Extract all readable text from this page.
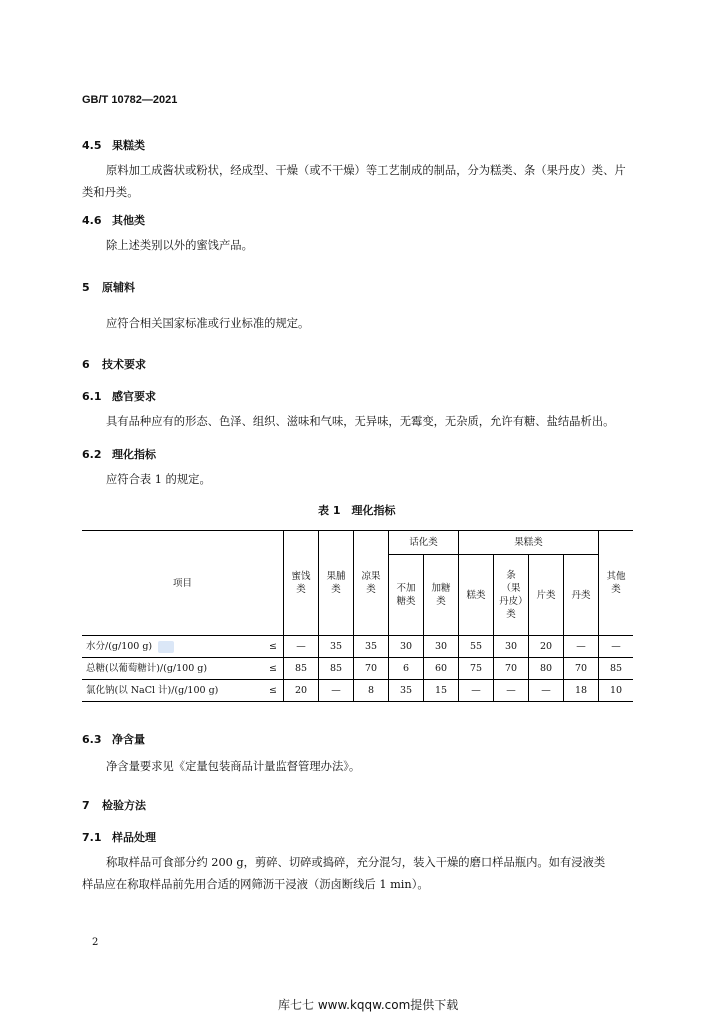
GB/T 10782—2021
4.5 果糕类
原料加工成酱状或粉状，经成型、干燥（或不干燥）等工艺制成的制品，分为糕类、条（果丹皮）类、片
类和丹类。
4.6 其他类
除上述类别以外的蜜饯产品。
5 原辅料
应符合相关国家标准或行业标准的规定。
6 技术要求
6.1 感官要求
具有品种应有的形态、色泽、组织、滋味和气味，无异味，无霉变，无杂质，允许有糖、盐结晶析出。
6.2 理化指标
应符合表 1 的规定。
表 1　理化指标
项目		蜜饯类	果脯类	凉果类	话化类		果糕类				其他类
					不加糖类	加糖类	糕类	条（果丹皮）类	片类	丹类	
水分/(g/100 g)	≤	—	35	35	30	30	55	30	20	—	—
总糖(以葡萄糖计)/(g/100 g)	≤	85	85	70	6	60	75	70	80	70	85
氯化钠(以 NaCl 计)/(g/100 g)	≤	20	—	8	35	15	—	—	—	18	10
6.3 净含量
净含量要求见《定量包装商品计量监督管理办法》。
7 检验方法
7.1 样品处理
称取样品可食部分约 200 g，剪碎、切碎或捣碎，充分混匀，装入干燥的磨口样品瓶内。如有浸液类
样品应在称取样品前先用合适的网筛沥干浸液（沥卤断线后 1 min）。
2
库七七 www.kqqw.com提供下载
